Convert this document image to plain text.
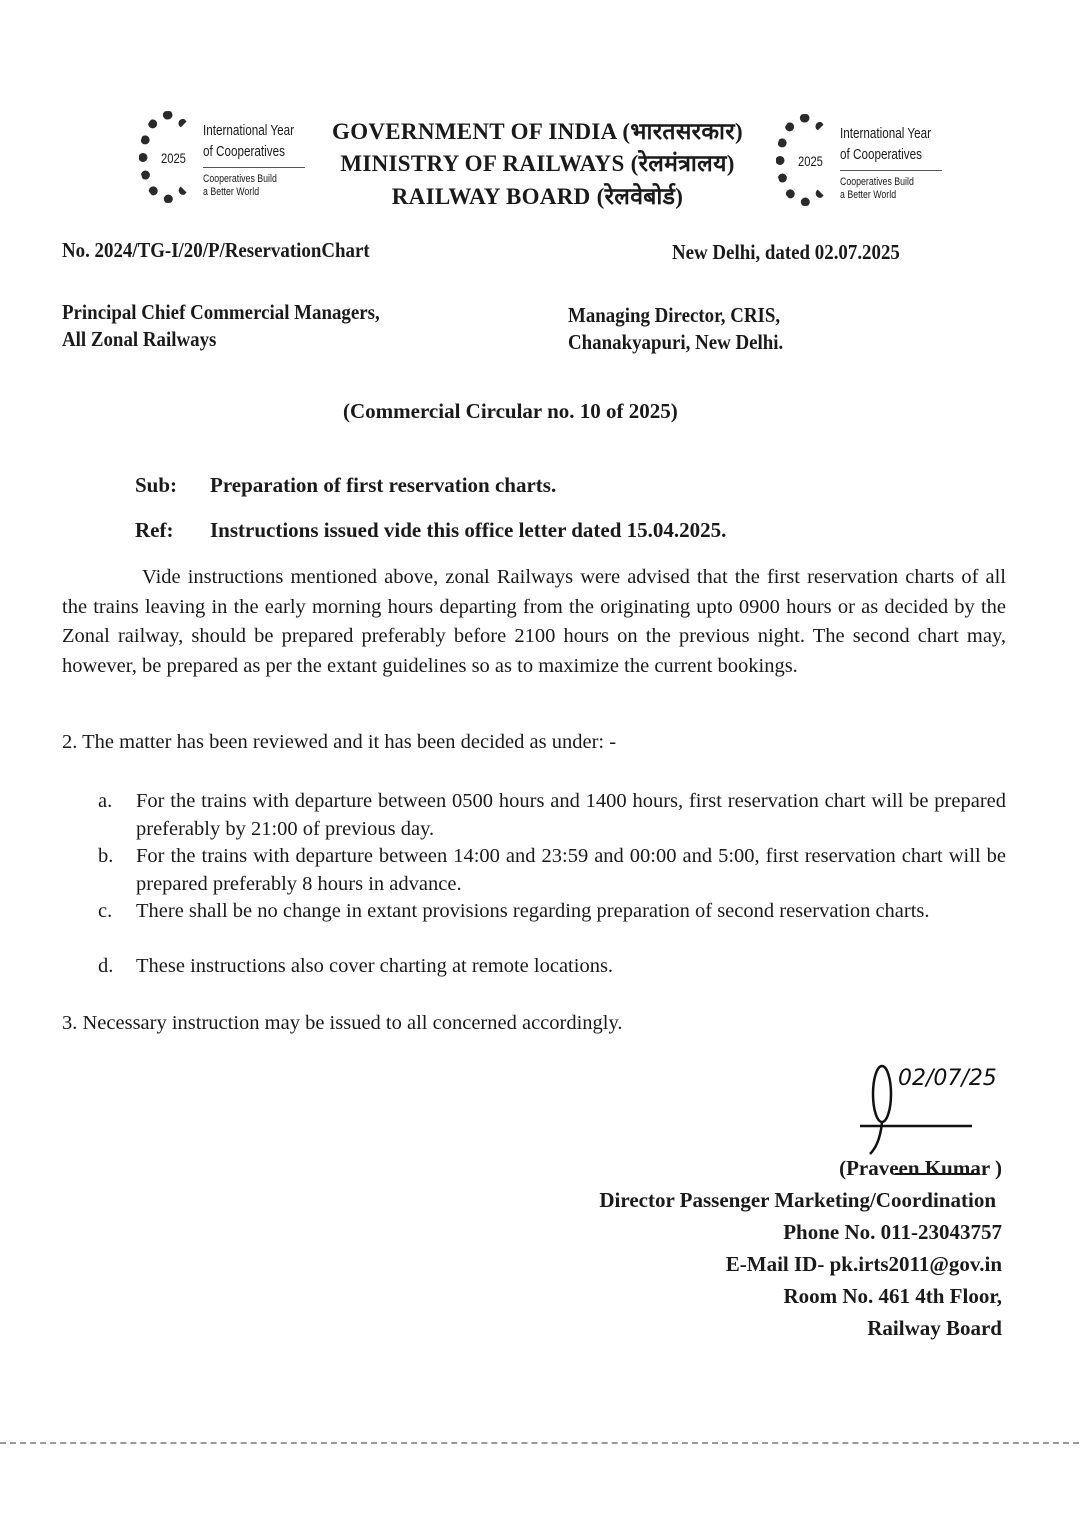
2025
International Year
of Cooperatives
Cooperatives Build
a Better World
2025
International Year
of Cooperatives
Cooperatives Build
a Better World
GOVERNMENT OF INDIA (भारतसरकार)
MINISTRY OF RAILWAYS (रेलमंत्रालय)
RAILWAY BOARD (रेलवेबोर्ड)
No. 2024/TG-I/20/P/ReservationChart	New Delhi, dated 02.07.2025
Principal Chief Commercial Managers,
All Zonal Railways
Managing Director, CRIS,
Chanakyapuri, New Delhi.
(Commercial Circular no. 10 of 2025)
Sub: Preparation of first reservation charts.
Ref: Instructions issued vide this office letter dated 15.04.2025.
Vide instructions mentioned above, zonal Railways were advised that the first reservation charts of all the trains leaving in the early morning hours departing from the originating upto 0900 hours or as decided by the Zonal railway, should be prepared preferably before 2100 hours on the previous night. The second chart may, however, be prepared as per the extant guidelines so as to maximize the current bookings.
2. The matter has been reviewed and it has been decided as under: -
a. For the trains with departure between 0500 hours and 1400 hours, first reservation chart will be prepared preferably by 21:00 of previous day.
b. For the trains with departure between 14:00 and 23:59 and 00:00 and 5:00, first reservation chart will be prepared preferably 8 hours in advance.
c. There shall be no change in extant provisions regarding preparation of second reservation charts.
d. These instructions also cover charting at remote locations.
3. Necessary instruction may be issued to all concerned accordingly.
02/07/25
(Praveen Kumar )
Director Passenger Marketing/Coordination
Phone No. 011-23043757
E-Mail ID- pk.irts2011@gov.in
Room No. 461 4th Floor,
Railway Board
